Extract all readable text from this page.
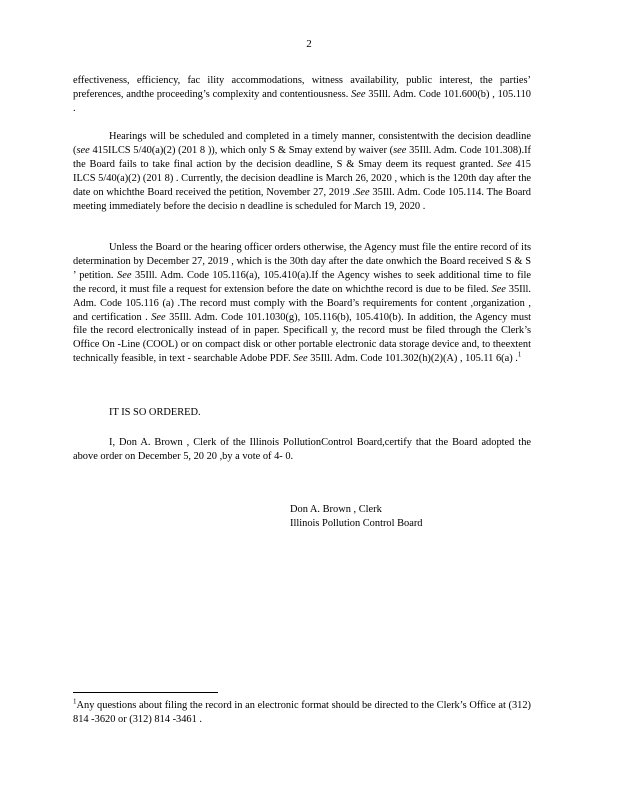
2

effectiveness, efficiency, fac ility accommodations, witness availability, public interest, the parties’ preferences, andthe proceeding’s complexity and contentiousness. See 35Ill. Adm. Code 101.600(b) , 105.110 .

Hearings will be scheduled and completed in a timely manner, consistentwith the decision deadline (see 415ILCS 5/40(a)(2) (201 8 )), which only S & Smay extend by waiver (see 35Ill. Adm. Code 101.308).If the Board fails to take final action by the decision deadline, S & Smay deem its request granted. See 415 ILCS 5/40(a)(2) (201 8) . Currently, the decision deadline is March 26, 2020 , which is the 120th day after the date on whichthe Board received the petition, November 27, 2019 .See 35Ill. Adm. Code 105.114. The Board meeting immediately before the decisio n deadline is scheduled for March 19, 2020 .

Unless the Board or the hearing officer orders otherwise, the Agency must file the entire record of its determination by December 27, 2019 , which is the 30th day after the date onwhich the Board received S & S ’ petition. See 35Ill. Adm. Code 105.116(a), 105.410(a).If the Agency wishes to seek additional time to file the record, it must file a request for extension before the date on whichthe record is due to be filed. See 35Ill. Adm. Code 105.116 (a) .The record must comply with the Board’s requirements for content ,organization , and certification . See 35Ill. Adm. Code 101.1030(g), 105.116(b), 105.410(b). In addition, the Agency must file the record electronically instead of in paper. Specificall y, the record must be filed through the Clerk’s Office On -Line (COOL) or on compact disk or other portable electronic data storage device and, to theextent technically feasible, in text - searchable Adobe PDF. See 35Ill. Adm. Code 101.302(h)(2)(A) , 105.11 6(a) .$^1$

IT IS SO ORDERED.

I, Don A. Brown , Clerk of the Illinois PollutionControl Board,certify that the Board adopted the above order on December 5, 20 20 ,by a vote of 4- 0.

Don A. Brown , Clerk
Illinois Pollution Control Board

$^1$Any questions about filing the record in an electronic format should be directed to the Clerk’s Office at (312) 814 -3620 or (312) 814 -3461 .
